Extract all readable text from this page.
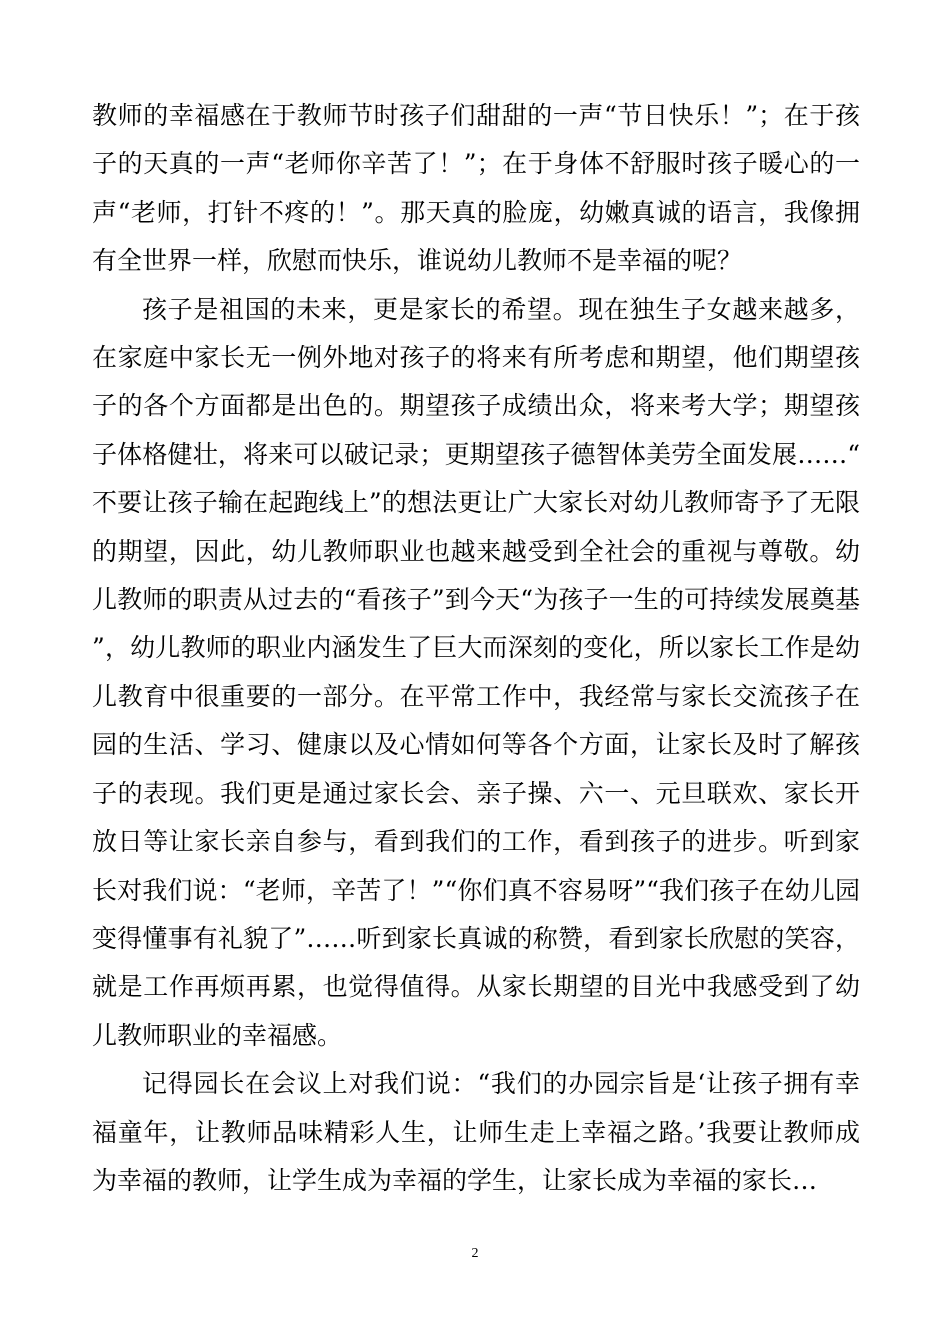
教师的幸福感在于教师节时孩子们甜甜的一声“节日快乐！”；在于孩子的天真的一声“老师你辛苦了！”；在于身体不舒服时孩子暖心的一声“老师，打针不疼的！”。那天真的脸庞，幼嫩真诚的语言，我像拥有全世界一样，欣慰而快乐，谁说幼儿教师不是幸福的呢？

孩子是祖国的未来，更是家长的希望。现在独生子女越来越多，在家庭中家长无一例外地对孩子的将来有所考虑和期望，他们期望孩子的各个方面都是出色的。期望孩子成绩出众，将来考大学；期望孩子体格健壮，将来可以破记录；更期望孩子德智体美劳全面发展……“不要让孩子输在起跑线上”的想法更让广大家长对幼儿教师寄予了无限的期望，因此，幼儿教师职业也越来越受到全社会的重视与尊敬。幼儿教师的职责从过去的“看孩子”到今天“为孩子一生的可持续发展奠基”，幼儿教师的职业内涵发生了巨大而深刻的变化，所以家长工作是幼儿教育中很重要的一部分。在平常工作中，我经常与家长交流孩子在园的生活、学习、健康以及心情如何等各个方面，让家长及时了解孩子的表现。我们更是通过家长会、亲子操、六一、元旦联欢、家长开放日等让家长亲自参与，看到我们的工作，看到孩子的进步。听到家长对我们说：“老师，辛苦了！”“你们真不容易呀”“我们孩子在幼儿园变得懂事有礼貌了”……听到家长真诚的称赞，看到家长欣慰的笑容，就是工作再烦再累，也觉得值得。从家长期望的目光中我感受到了幼儿教师职业的幸福感。

记得园长在会议上对我们说：“我们的办园宗旨是‘让孩子拥有幸福童年，让教师品味精彩人生，让师生走上幸福之路。’我要让教师成为幸福的教师，让学生成为幸福的学生，让家长成为幸福的家长…

2
